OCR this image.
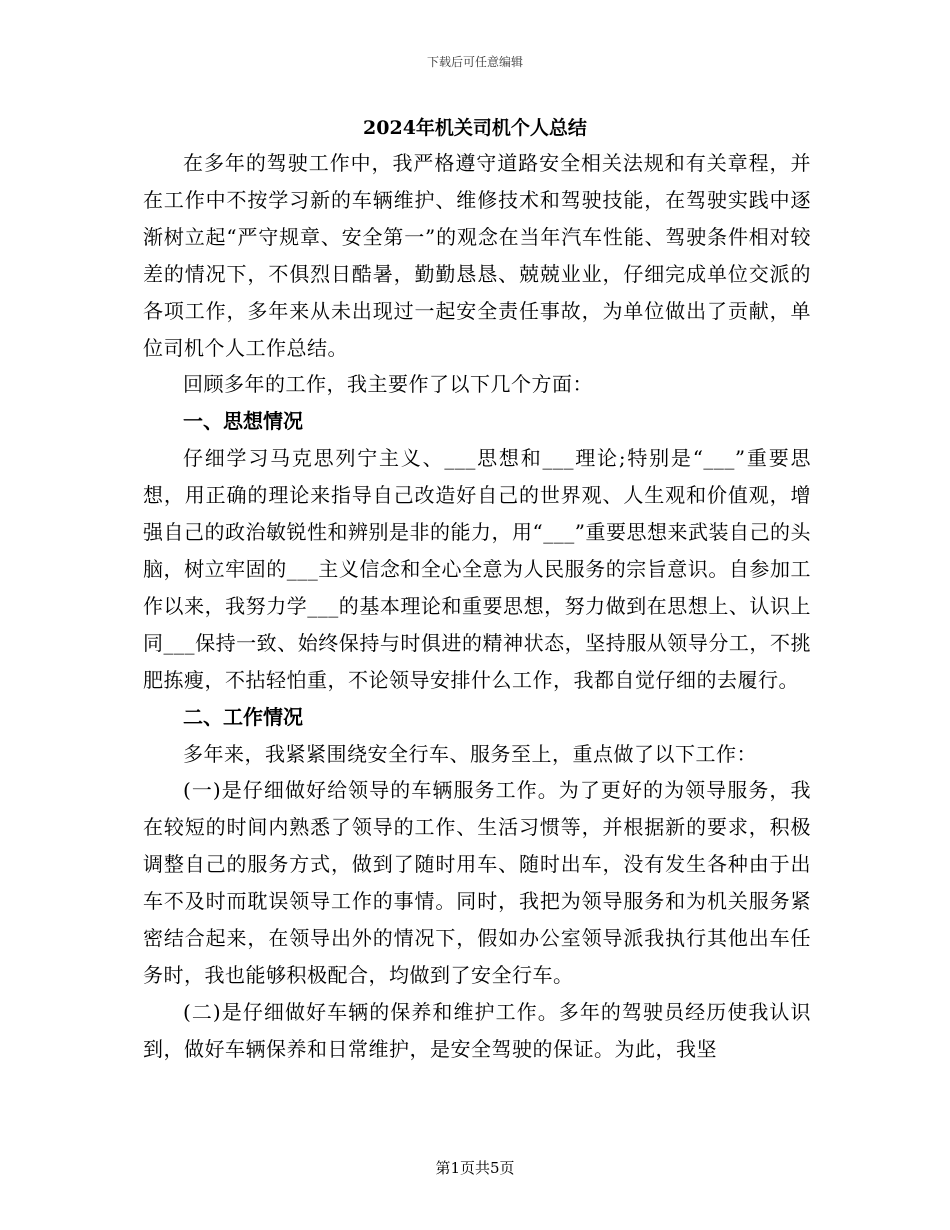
下载后可任意编辑
2024年机关司机个人总结

在多年的驾驶工作中，我严格遵守道路安全相关法规和有关章程，并在工作中不按学习新的车辆维护、维修技术和驾驶技能，在驾驶实践中逐渐树立起“严守规章、安全第一”的观念在当年汽车性能、驾驶条件相对较差的情况下，不俱烈日酷暑，勤勤恳恳、兢兢业业，仔细完成单位交派的各项工作，多年来从未出现过一起安全责任事故，为单位做出了贡献，单位司机个人工作总结。

回顾多年的工作，我主要作了以下几个方面：

一、思想情况

仔细学习马克思列宁主义、___思想和___理论;特别是“___”重要思想，用正确的理论来指导自己改造好自己的世界观、人生观和价值观，增强自己的政治敏锐性和辨别是非的能力，用“___”重要思想来武装自己的头脑，树立牢固的___主义信念和全心全意为人民服务的宗旨意识。自参加工作以来，我努力学___的基本理论和重要思想，努力做到在思想上、认识上同___保持一致、始终保持与时俱进的精神状态，坚持服从领导分工，不挑肥拣瘦，不拈轻怕重，不论领导安排什么工作，我都自觉仔细的去履行。

二、工作情况

多年来，我紧紧围绕安全行车、服务至上，重点做了以下工作：

(一)是仔细做好给领导的车辆服务工作。为了更好的为领导服务，我在较短的时间内熟悉了领导的工作、生活习惯等，并根据新的要求，积极调整自己的服务方式，做到了随时用车、随时出车，没有发生各种由于出车不及时而耽误领导工作的事情。同时，我把为领导服务和为机关服务紧密结合起来，在领导出外的情况下，假如办公室领导派我执行其他出车任务时，我也能够积极配合，均做到了安全行车。

(二)是仔细做好车辆的保养和维护工作。多年的驾驶员经历使我认识到，做好车辆保养和日常维护，是安全驾驶的保证。为此，我坚

第1页共5页
